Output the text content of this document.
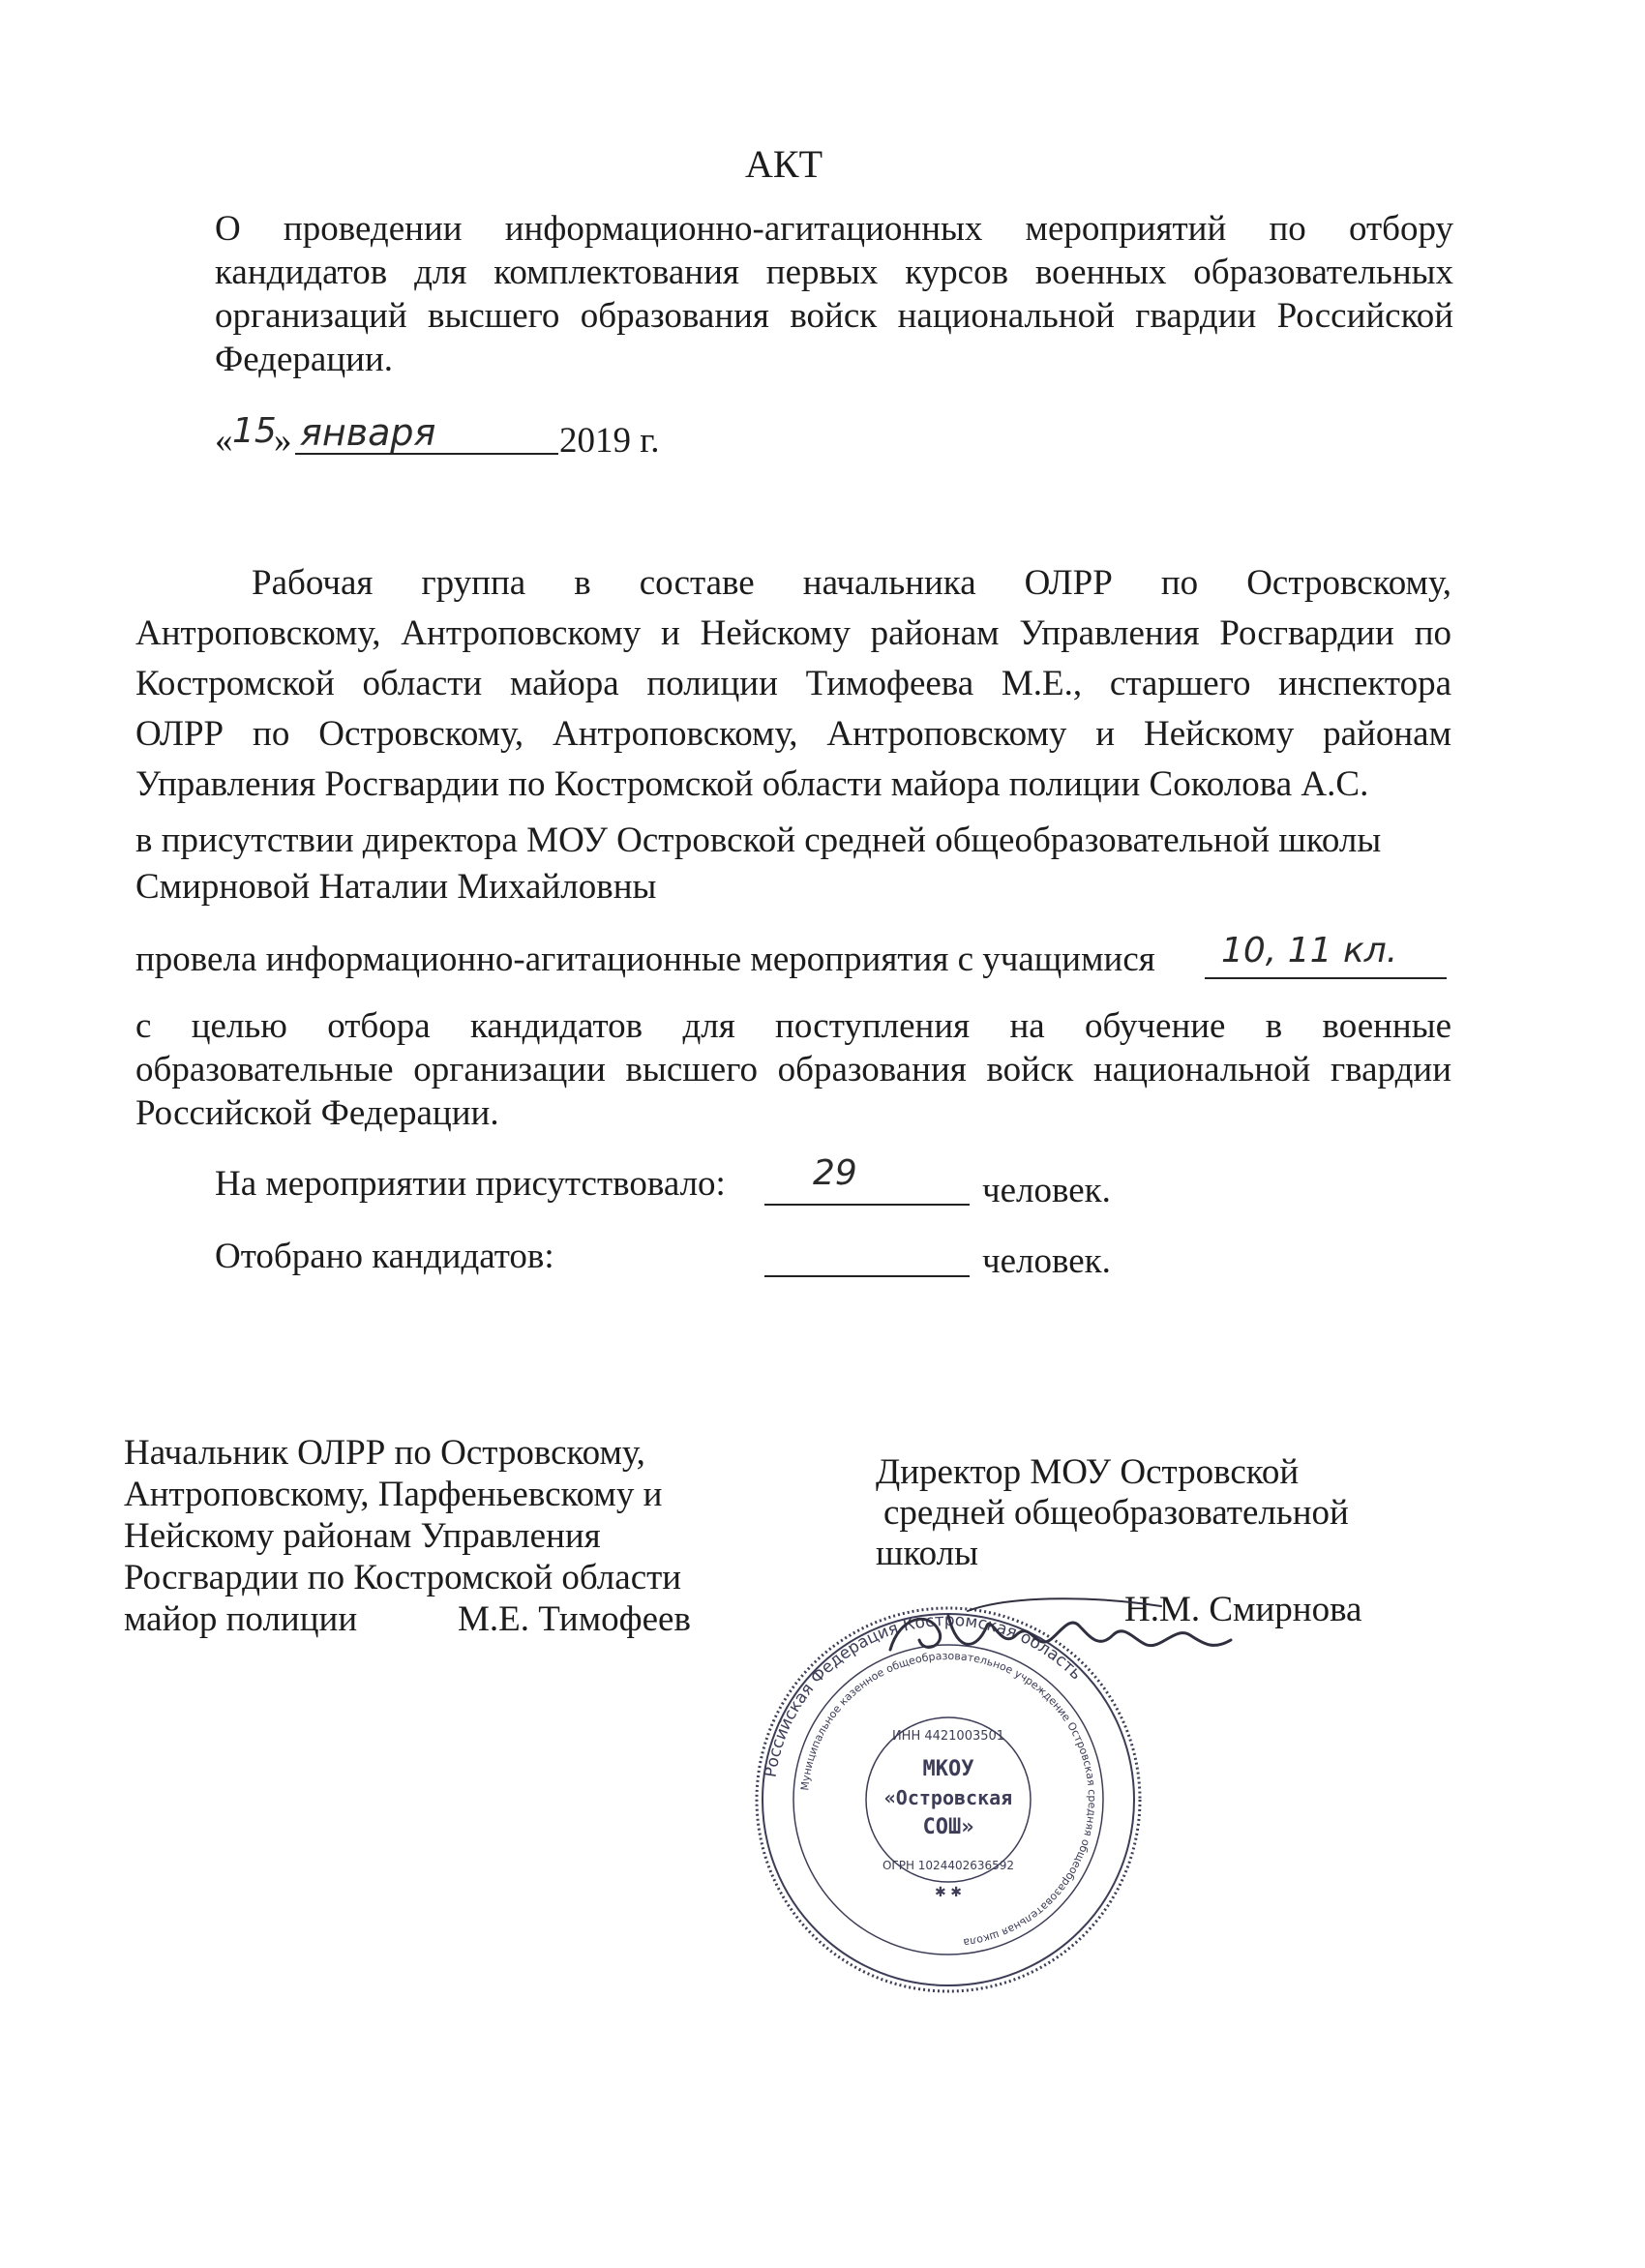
АКТ
О проведении информационно-агитационных мероприятий по отбору
кандидатов для комплектования первых курсов военных образовательных
организаций высшего образования войск национальной гвардии Российской
Федерации.
« 15
» января	2019 г.
Рабочая группа в составе начальника ОЛРР по Островскому,
Антроповскому, Антроповскому и Нейскому районам Управления Росгвардии по
Костромской области майора полиции Тимофеева М.Е., старшего инспектора
ОЛРР по Островскому, Антроповскому, Антроповскому и Нейскому районам
Управления Росгвардии по Костромской области майора полиции Соколова А.С.
в присутствии директора МОУ Островской средней общеобразовательной школы
Смирновой Наталии Михайловны
провела информационно-агитационные мероприятия с учащимися 10, 11 кл.
с целью отбора кандидатов для поступления на обучение в военные
образовательные организации высшего образования войск национальной гвардии
Российской Федерации.
На мероприятии присутствовало:	29	человек.
Отобрано кандидатов:	человек.
Начальник ОЛРР по Островскому,
Антроповскому, Парфеньевскому и
Нейскому районам Управления
Росгвардии по Костромской области
майор полиции	М.Е. Тимофеев
Директор МОУ Островской
средней общеобразовательной
школы
Н.М. Смирнова
Российская Федерация Костромская область
Муниципальное казенное общеобразовательное учреждение Островская средняя общеобразовательная школа
ИНН 4421003501
ОГРН 1024402636592
МКОУ
«Островская
СОШ»
✱ ✱
